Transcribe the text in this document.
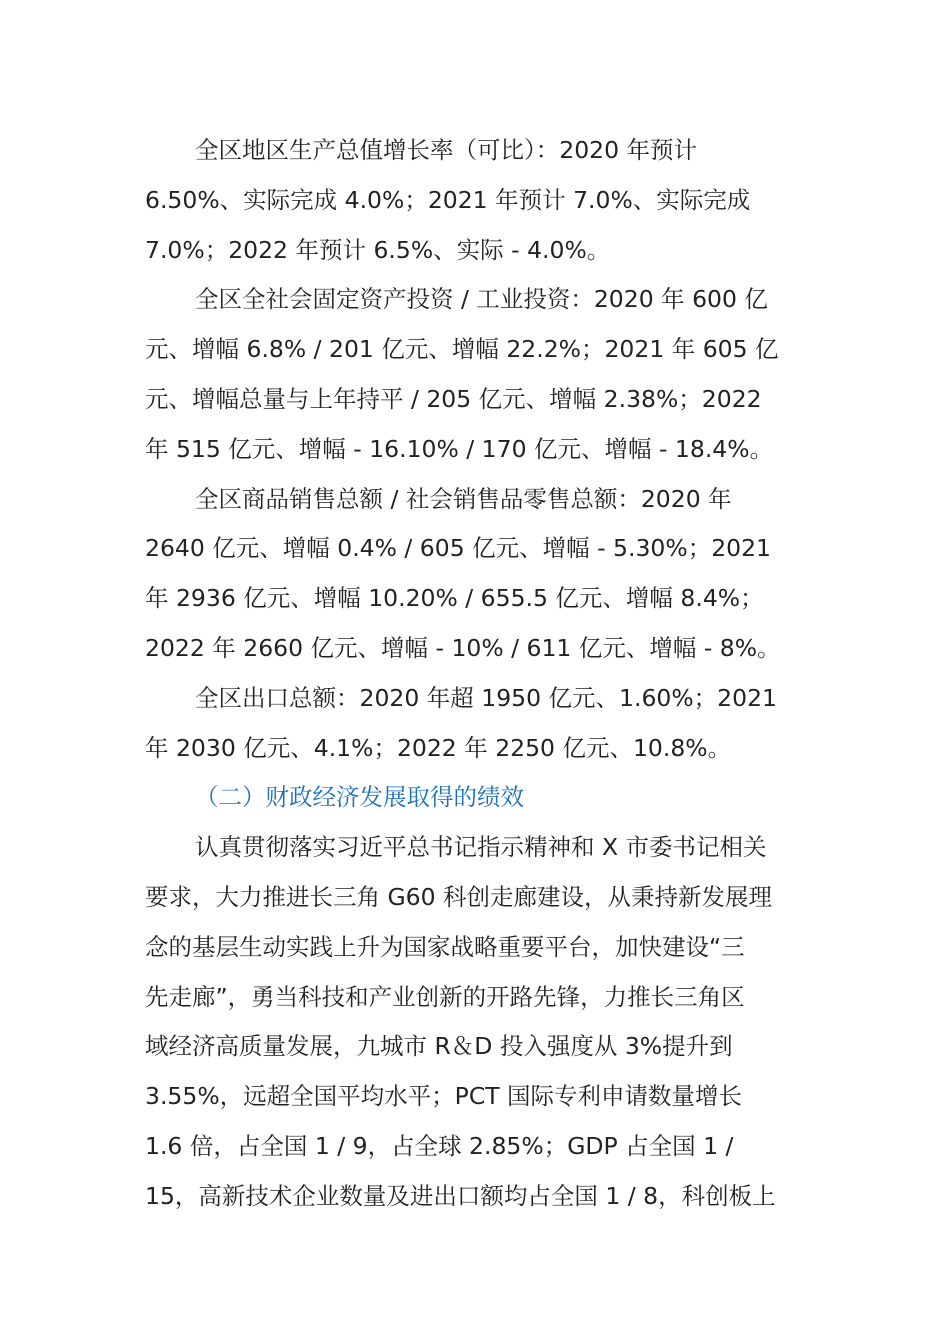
全区地区生产总值增长率（可比）：2020 年预计
6.50%、实际完成 4.0%；2021 年预计 7.0%、实际完成
7.0%；2022 年预计 6.5%、实际 - 4.0%。

全区全社会固定资产投资 / 工业投资：2020 年 600 亿
元、增幅 6.8% / 201 亿元、增幅 22.2%；2021 年 605 亿
元、增幅总量与上年持平 / 205 亿元、增幅 2.38%；2022
年 515 亿元、增幅 - 16.10% / 170 亿元、增幅 - 18.4%。

全区商品销售总额 / 社会销售品零售总额：2020 年
2640 亿元、增幅 0.4% / 605 亿元、增幅 - 5.30%；2021
年 2936 亿元、增幅 10.20% / 655.5 亿元、增幅 8.4%；
2022 年 2660 亿元、增幅 - 10% / 611 亿元、增幅 - 8%。

全区出口总额：2020 年超 1950 亿元、1.60%；2021
年 2030 亿元、4.1%；2022 年 2250 亿元、10.8%。

（二）财政经济发展取得的绩效

认真贯彻落实习近平总书记指示精神和 X 市委书记相关
要求，大力推进长三角 G60 科创走廊建设，从秉持新发展理
念的基层生动实践上升为国家战略重要平台，加快建设“三
先走廊”，勇当科技和产业创新的开路先锋，力推长三角区
域经济高质量发展，九城市 R＆D 投入强度从 3%提升到
3.55%，远超全国平均水平；PCT 国际专利申请数量增长
1.6 倍，占全国 1 / 9，占全球 2.85%；GDP 占全国 1 /
15，高新技术企业数量及进出口额均占全国 1 / 8，科创板上
